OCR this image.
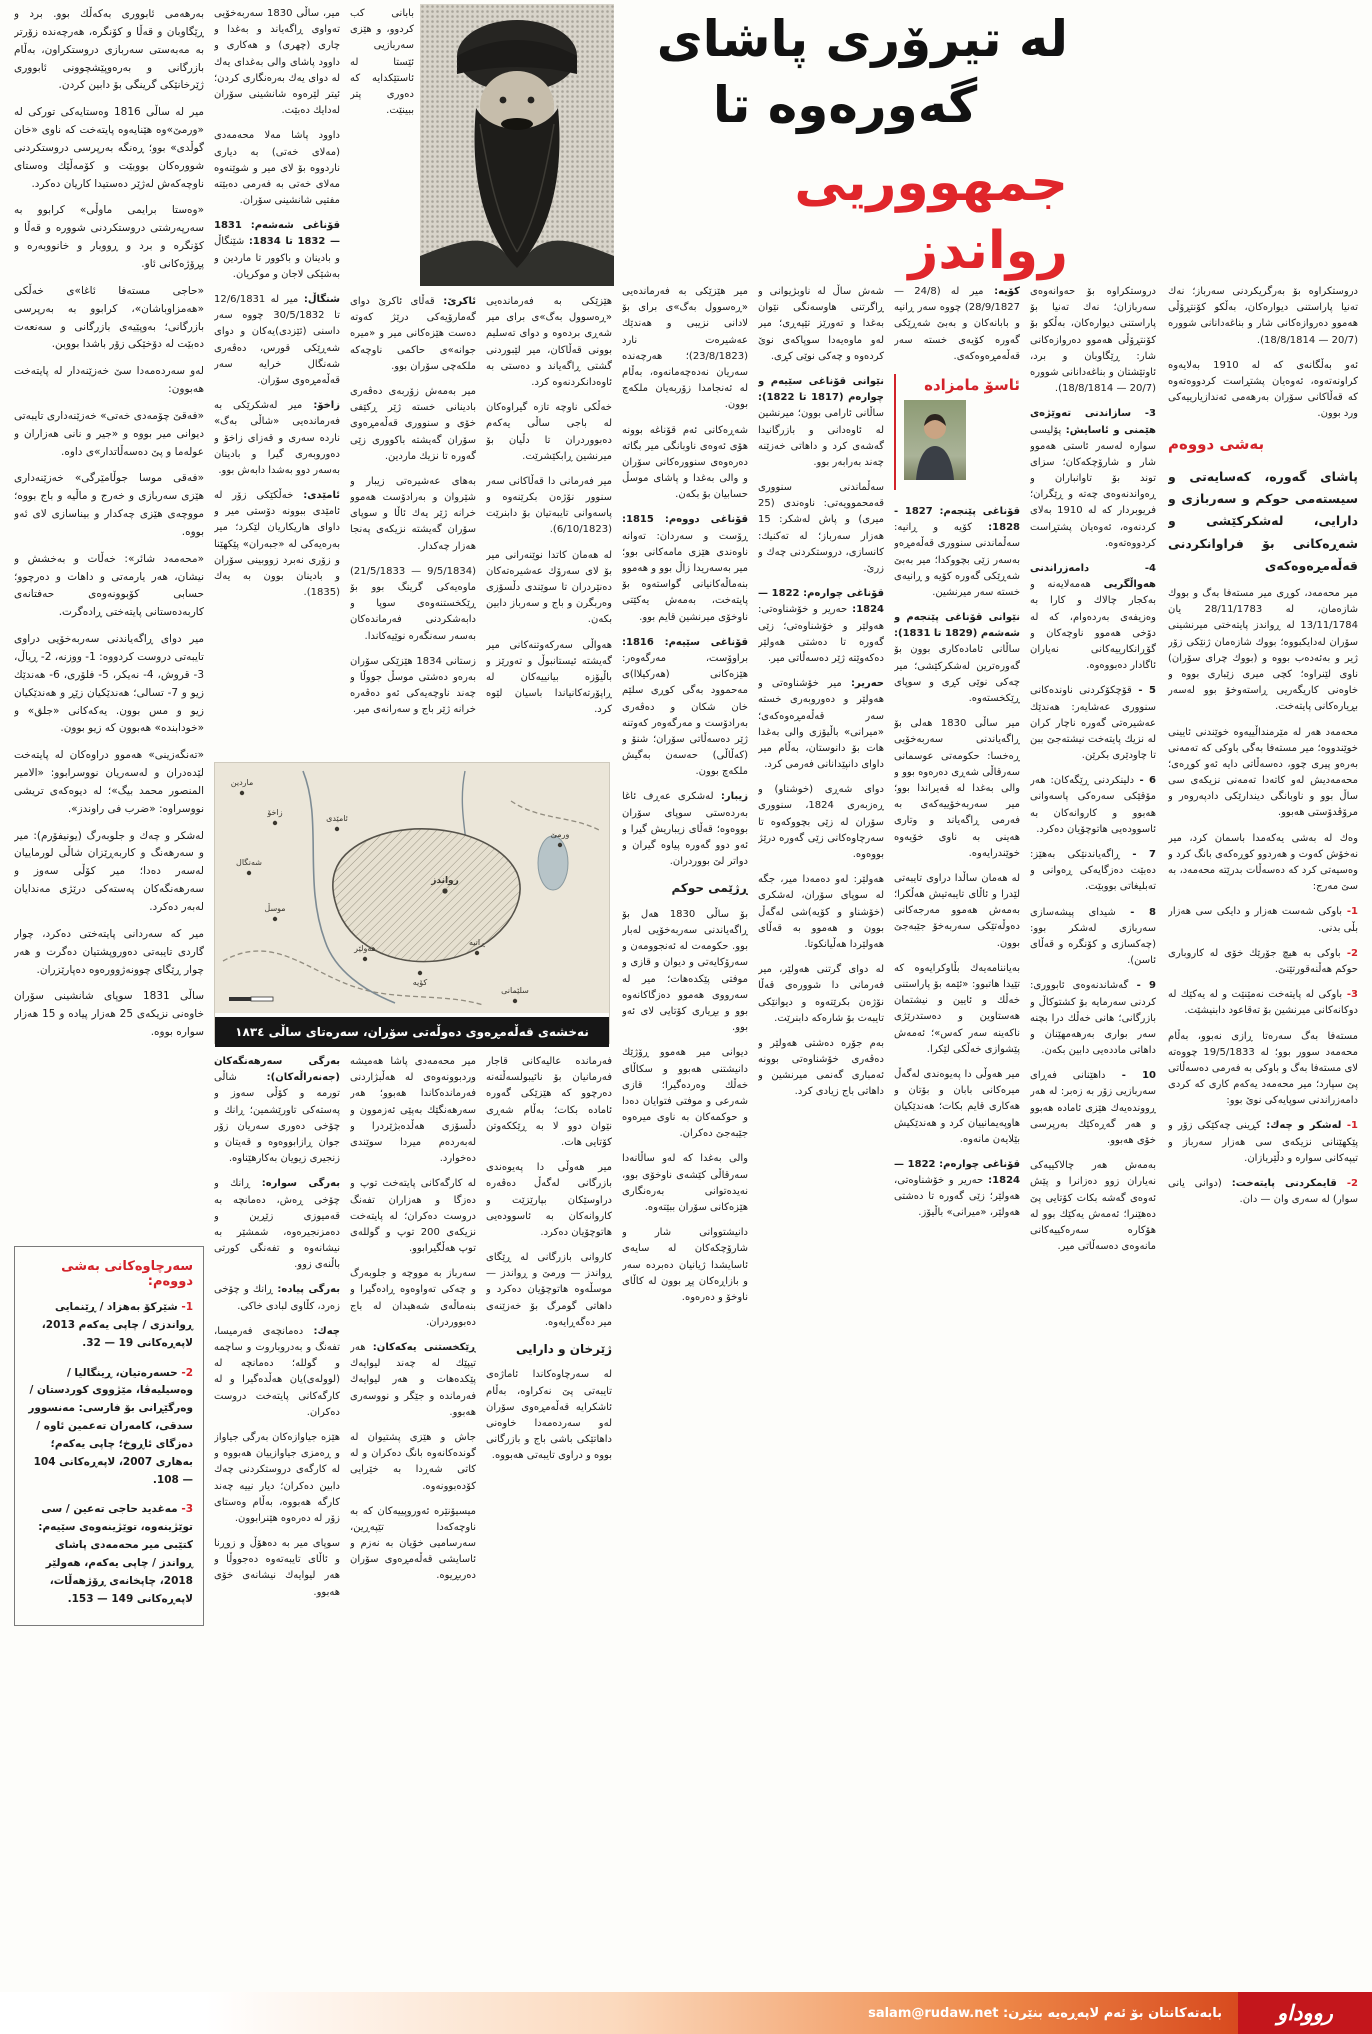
له تیرۆری پاشای
گه‌وره‌وه تا
جمهووریی رواندز

به‌رهه‌می ئابووری به‌كه‌ڵك بوو. برد و ڕێگاوبان و قه‌ڵا و كۆنگره، هه‌رچه‌نده زۆرتر به مه‌به‌ستی سه‌ربازی دروستكراون، به‌ڵام بازرگانی و به‌ره‌وپێشچوونی ئابووری ژێرخانێكی گرینگی بۆ دابین كردن.

میر له ساڵی 1816 وه‌ستایه‌كی توركی له «ورمێ»وه هێنایه‌وه پایته‌خت كه ناوی «خان گوڵدی» بوو؛ ڕه‌نگه به‌رپرسی دروستكردنی شووره‌كان بووبێت و كۆمه‌ڵێك وه‌ستای ناوچه‌كه‌ش له‌ژێر ده‌ستیدا كاریان ده‌كرد.

«وه‌ستا برایمی ماوڵی» كرابوو به سه‌رپه‌رشتی دروستكردنی شووره و قه‌ڵا و كۆنگره و برد و ڕووبار و خانووبه‌ره و پڕۆژه‌كانی ئاو.

«حاجی مسته‌فا ئاغا»ی خه‌ڵكی «هه‌مزاوباشان»، كرابوو به به‌رپرسی بازرگانی؛ به‌وپێیه‌ی بازرگانی و سه‌نعه‌ت ده‌بێت له دۆخێكی زۆر باشدا بووبن.

له‌و سه‌رده‌مه‌دا سێ خه‌زێنه‌دار له پایته‌خت هه‌بوون:

«فه‌قێ چۆمه‌دی خه‌تی» خه‌زێنه‌داری تایبه‌تی دیوانی میر بووه و «جیر و نانی هه‌زاران و عوله‌ما و پێ ده‌سه‌ڵاتدار»ی داوه.

«فه‌قی موسا جوڵامێرگی» خه‌زێنه‌داری هێزی سه‌ربازی و خه‌رج و ماڵیه و باج بووه؛ مووچه‌ی هێزی چه‌كدار و بیناسازی لای ئه‌و بووه.

«محه‌مه‌د شائر»: خه‌ڵات و به‌خشش و نیشان، هه‌ر یارمه‌تی و داهات و ده‌رچوو؛ حسابی كۆبوونه‌وه‌ی حه‌فتانه‌ی كاربه‌ده‌ستانی پایته‌ختی ڕاده‌گرت.

میر دوای ڕاگه‌یاندنی سه‌ربه‌خۆیی دراوی تایبه‌تی دروست كردووه: 1- ووزنه، 2- ڕیاڵ، 3- قروش، 4- نه‌یكر، 5- فلۆری، 6- هه‌ندێك زیو و 7- تسالی؛ هه‌ندێكیان زێڕ و هه‌ندێكیان زیو و مس بوون. یه‌كه‌كانی «جلق» و «خودابنده» هه‌بوون كه زیو بوون.

«ته‌نگه‌زینی» هه‌موو دراوه‌كان له پایته‌خت لێده‌دران و له‌سه‌ریان نووسرابوو: «الامیر المنصور محمد بیگ»؛ له دیوه‌كه‌ی تریشی نووسراوه: «ضرب فی راوندز».

له‌شكر و چه‌ك و جلوبه‌رگ (یونیفۆرم): میر و سه‌رهه‌نگ و كاربه‌ڕێزان شاڵی لورماییان له‌سه‌ر ده‌دا؛ میر كۆڵی سه‌وز و سه‌رهه‌نگه‌كان په‌سته‌كی درێژی مه‌ندایان له‌به‌ر ده‌كرد.

میر كه سه‌ردانی پایته‌ختی ده‌كرد، چوار گاردی تایبه‌تی ده‌وروپشتیان ده‌گرت و هه‌ر چوار ڕێگای چوونه‌ژووره‌وه ده‌پارێزران.

ساڵی 1831 سوپای شانشینی سۆران خاوه‌نی نزیكه‌ی 25 هه‌زار پیاده و 15 هه‌زار سواره بووه.

میر، ساڵی 1830 سه‌ربه‌خۆیی ته‌واوی ڕاگه‌یاند و به‌غدا و چاری (چهری) و هه‌كاری و داوود پاشای والی به‌غدای یه‌ك له دوای یه‌ك به‌ره‌نگاری كردن؛ ئیتر لێره‌وه شانشینی سۆران له‌دایك ده‌بێت.

داوود پاشا مه‌لا محه‌مه‌دی (مه‌لای خه‌تی) به دیاری ناردووه بۆ لای میر و شوێنه‌وه مه‌لای خه‌تی به فه‌رمی ده‌بێته مفتیی شانشینی سۆران.

قۆناغی شه‌شه‌م: 1831 — 1832 تا 1834: شێنگاڵ و بادینان و باكوور تا ماردین و به‌شێكی لاجان و موكریان.

شنگاڵ: میر له 12/6/1831 تا 30/5/1832 چووه سه‌ر داسنی (ئێزدی)یه‌كان و دوای شه‌ڕێكی قورس، ده‌ڤه‌ری شه‌نگال خرایه سه‌ر قه‌ڵه‌مڕه‌وی سۆران.

زاخۆ: میر له‌شكرێكی به فه‌رمانده‌یی «شاڵی به‌گ» نارده سه‌ری و قه‌زای زاخۆ و ده‌وروبه‌ری گیرا و بادینان به‌سه‌ر دوو به‌شدا دابه‌ش بوو.

ئامێدی: خه‌ڵكێكی زۆر له ئامێدی ببوونه دۆستی میر و داوای هاریكاریان لێكرد؛ میر به‌ره‌یه‌كی له «جبه‌ران» پێكهێنا و زۆری نه‌برد زووبینی سۆران و بادینان بوون به یه‌ك (1835).

بابانی كب كردوو، و هێزی سه‌ربازیی ئێستا له ئاستێكدایه كه ده‌وری پتر ببینێت.

ئاكرێ: قه‌ڵای ئاكرێ دوای گه‌مارۆیه‌كی درێژ كه‌وته ده‌ست هێزه‌كانی میر و «میره جوانه»ی حاكمی ناوچه‌كه ملكه‌چی سۆران بوو.

میر به‌مه‌ش زۆربه‌ی ده‌ڤه‌ری بادینانی خسته ژێر ڕكێفی خۆی و سنووری قه‌ڵه‌مڕه‌وی سۆران گه‌یشته باكووری زێی گه‌وره تا نزیك ماردین.

به‌های عه‌شیره‌تی زیبار و شێروان و به‌رادۆست هه‌موو خرانه ژێر یه‌ك ئاڵا و سوپای سۆران گه‌یشته نزیكه‌ی په‌نجا هه‌زار چه‌كدار.

(9/5/1834 — 21/5/1833) ماوه‌یه‌كی گرینگ بوو بۆ ڕێكخستنه‌وه‌ی سوپا و دابه‌شكردنی فه‌رمانده‌كان به‌سه‌ر سه‌نگه‌ره نوێیه‌كاندا.

زستانی 1834 هێزێكی سۆران به‌ره‌و ده‌شتی موسڵ جووڵا و چه‌ند ناوچه‌یه‌كی ئه‌و ده‌ڤه‌ره خرانه ژێر باج و سه‌رانه‌ی میر.

هێزێكی به فه‌رمانده‌یی «ڕه‌سوول به‌گ»ی برای میر شه‌ڕی برده‌وه و دوای ته‌سلیم بوونی قه‌ڵاكان، میر لێبوردنی گشتی ڕاگه‌یاند و ده‌ستی به ئاوه‌دانكردنه‌وه كرد.

خه‌ڵكی ناوچه تازه گیراوه‌كان له باجی ساڵی یه‌كه‌م ده‌بووردران تا دڵیان بۆ میرنشین ڕابكێشرێت.

میر فه‌رمانی دا قه‌ڵاكانی سه‌ر سنوور نۆژه‌ن بكرێنه‌وه و پاسه‌وانی تایبه‌تیان بۆ دابنرێت (6/10/1823).

له هه‌مان كاتدا نوێنه‌رانی میر بۆ لای سه‌رۆك عه‌شیره‌ته‌كان ده‌نێردران تا سوێندی دڵسۆزی وه‌ربگرن و باج و سه‌رباز دابین بكه‌ن.

هه‌واڵی سه‌ركه‌وتنه‌كانی میر گه‌یشته ئیستانبوڵ و ته‌ورێز و باڵیۆزه بیانییه‌كان له ڕاپۆرته‌كانیاندا باسیان لێوه كرد.

به‌رگی سه‌رهه‌نگه‌كان (جه‌نه‌راڵه‌كان): شاڵی تورمه و كۆڵی سه‌وز و په‌سته‌كی تاورێشمین؛ ڕانك و چۆخی ده‌وری سه‌ریان زۆر جوان ڕازابووه‌وه و قه‌یتان و زنجیری زیویان به‌كارهێناوه.

به‌رگی سواره: ڕانك و چۆخی ڕه‌ش، ده‌مانچه به قه‌میوزی زێڕین و ده‌مزنجیره‌وه، شمشێر به نیشانه‌وه و تفه‌نگی كورتی باڵنه‌ی زوو.

به‌رگی پیاده: ڕانك و چۆخی زه‌رد، كڵاوی لبادی خاكی.

چه‌ك: ده‌مانچه‌ی فه‌رمیسا، تفه‌نگ و به‌دروباروت و ساچمه و گولله؛ ده‌مانچه له (لوولەی)یان هه‌ڵده‌گیرا و له كارگه‌كانی پایته‌خت دروست ده‌كران.

هێزه جیاوازه‌كان به‌رگی جیاواز و ڕه‌مزی جیاوازییان هه‌بووه و له كارگه‌ی دروستكردنی چه‌ك دابین ده‌كران؛ دیار نییه چه‌ند كارگه هه‌بووه، به‌ڵام وه‌ستای زۆر له ده‌ره‌وه هێنرابوون.

سوپای میر به ده‌هۆڵ و زوڕنا و ئاڵای تایبه‌ته‌وه ده‌جووڵا و هه‌ر لیوایه‌ك نیشانه‌ی خۆی هه‌بوو.

میر محه‌مه‌دی پاشا هه‌میشه وردبوونه‌وه‌ی له هه‌ڵبژاردنی فه‌رمانده‌كاندا هه‌بوو؛ هه‌ر سه‌رهه‌نگێك به‌پێی ئه‌زموون و دڵسۆزی هه‌ڵده‌بژێردرا و له‌به‌رده‌م میردا سوێندی ده‌خوارد.

له كارگه‌كانی پایته‌خت توپ و ده‌زگا و هه‌زاران تفه‌نگ دروست ده‌كران؛ له پایته‌خت نزیكه‌ی 200 توپ و گولله‌ی توپ هه‌ڵگیرابوو.

سه‌رباز به مووچه و جلوبه‌رگ و چه‌كی ته‌واوه‌وه ڕاده‌گیرا و بنه‌ماڵه‌ی شه‌هیدان له باج ده‌بووردران.

ڕێكخستنی یه‌كه‌كان: هه‌ر تیپێك له چه‌ند لیوایه‌ك پێكدەهات و هه‌ر لیوایه‌ك فه‌رمانده و جێگر و نووسه‌ری هه‌بوو.

جاش و هێزی پشتیوان له گونده‌كانه‌وه بانگ ده‌كران و له كاتی شه‌ڕدا به خێرایی كۆده‌بوونه‌وه.

میسیۆنێره ئه‌وروپییه‌كان كه به ناوچه‌كه‌دا تێپه‌ڕین، سه‌رسامیی خۆیان به نه‌زم و ئاسایشی قه‌ڵه‌مڕه‌وی سۆران ده‌ربڕیوه.

فه‌رمانده عالیه‌كانی قاجار فه‌رمانیان بۆ نائیبولسه‌ڵته‌نه ده‌رچوو كه هێزێكی گه‌وره ئاماده بكات؛ به‌ڵام شه‌ڕی نێوان دوو لا به ڕێككه‌وتن كۆتایی هات.

میر هه‌وڵی دا په‌یوه‌ندی بازرگانی له‌گه‌ڵ ده‌ڤه‌ره دراوسێكان بپارێزێت و كاروانه‌كان به ئاسووده‌یی هاتوچۆیان ده‌كرد.

كاروانی بازرگانی له ڕێگای ڕواندز — ورمێ و ڕواندز — موسڵه‌وه هاتوچۆیان ده‌كرد و داهاتی گومرگ بۆ خه‌زێنه‌ی میر ده‌گه‌ڕایه‌وه.

ژێرخان و دارایی

له سه‌رچاوه‌كاندا ئاماژه‌ی تایبه‌تی پێ نه‌كراوه، به‌ڵام ئاشكرایه قه‌ڵه‌مڕه‌وی سۆران له‌و سه‌رده‌مه‌دا خاوه‌نی داهاتێكی باشی باج و بازرگانی بووه و دراوی تایبه‌تی هه‌بووه.

میر هێزێكی به فه‌رمانده‌یی «ڕه‌سوول به‌گ»ی برای بۆ لادانی نزیبی و هه‌ندێك عه‌شیره‌ت نارد (23/8/1823)؛ هه‌رچه‌نده سه‌ریان نه‌ده‌چه‌مانه‌وه، به‌ڵام له ئه‌نجامدا زۆربه‌یان ملكه‌چ بوون.

شه‌ڕه‌كانی ئه‌م قۆناغه بوونه هۆی ئه‌وه‌ی ناوبانگی میر بگاته ده‌ره‌وه‌ی سنووره‌كانی سۆران و والی به‌غدا و پاشای موسڵ حسابیان بۆ بكه‌ن.

قۆناغی دووه‌م: 1815: ڕۆست و سه‌ردان: ته‌وانه ناوه‌ندی هێزی مامه‌كانی بوو؛ میر به‌سه‌ریدا زاڵ بوو و هه‌موو بنه‌ماڵه‌كانیانی گواسته‌وه بۆ پایته‌خت، به‌مه‌ش یه‌كێتی ناوخۆی میرنشین قایم بوو.

قۆناغی سێیه‌م: 1816: براوۆست، مه‌رگه‌وه‌ر: هێزه‌كانی (هه‌ركیلاا)ی مه‌حموود به‌گی كوڕی سلێم خان شكان و ده‌ڤه‌ری به‌رادۆست و مه‌رگه‌وه‌ر كه‌وتنه ژێر ده‌سه‌ڵاتی سۆران؛ شنۆ و (كه‌ڵاڵی) حه‌سه‌ن به‌گیش ملكه‌چ بوون.

زیبار: له‌شكری عه‌ڕف ئاغا به‌رده‌ستی سوپای سۆران بووه‌وه؛ قه‌ڵای زیباریش گیرا و ئه‌و دوو گه‌وره پیاوه گیران و دواتر لێ بووردران.

ڕژێمی حوكم

بۆ ساڵی 1830 هه‌ل بۆ ڕاگه‌یاندنی سه‌ربه‌خۆیی له‌بار بوو. حكومه‌ت له ئه‌نجوومه‌ن و سه‌رۆكایه‌تی و دیوان و قازی و موفتی پێكدەهات؛ میر له سه‌رووی هه‌موو ده‌زگاكانه‌وه بوو و بڕیاری كۆتایی لای ئه‌و بوو.

دیوانی میر هه‌موو ڕۆژێك دانیشتنی هه‌بوو و سكاڵای خه‌ڵك وه‌رده‌گیرا؛ قازی شه‌رعی و موفتی فتوایان ده‌دا و حوكمه‌كان به ناوی میره‌وه جێبه‌جێ ده‌كران.

والی به‌غدا كه له‌و ساڵانه‌دا سه‌رقاڵی كێشه‌ی ناوخۆی بوو، نه‌یده‌توانی به‌ره‌نگاری هێزه‌كانی سۆران ببێته‌وه.

دانیشتووانی شار و شارۆچكه‌كان له سایه‌ی ئاسایشدا ژیانیان ده‌برده سه‌ر و بازاڕه‌كان پڕ بوون له كاڵای ناوخۆ و ده‌ره‌وه.

شه‌ش ساڵ له ناوبژیوانی و ڕاگرتنی هاوسه‌نگی نێوان به‌غدا و ته‌ورێز تێپه‌ڕی؛ میر له‌و ماوه‌یه‌دا سوپاكه‌ی نوێ كرده‌وه و چه‌كی نوێی كڕی.

نێوانی قۆناغی سێیه‌م و چواره‌م (1817 تا 1822): ساڵانی ئارامی بوون؛ میرنشین له ئاوه‌دانی و بازرگانیدا گه‌شه‌ی كرد و داهاتی خه‌زێنه چه‌ند به‌رابه‌ر بوو.

سه‌ڵماندنی سنووری قه‌محموویه‌تی: ناوه‌ندی (25 میری) و پاش له‌شكر: 15 هه‌زار سه‌رباز؛ له ته‌كنیك: كانسازی، دروستكردنی چه‌ك و زرێ.

قۆناغی چواره‌م: 1822 — 1824: حه‌ریر و خۆشناوه‌تی: هه‌ولێر و خۆشناوه‌تی؛ زێی گه‌وره تا ده‌شتی هه‌ولێر ده‌كه‌وێته ژێر ده‌سه‌ڵاتی میر.

حه‌ریر: میر خۆشناوه‌تی و هه‌ولێر و ده‌وروبه‌ری خسته سه‌ر قه‌ڵه‌مڕه‌وه‌كه‌ی؛ «میرانی» باڵیۆزی والی به‌غدا هات بۆ دانوستان، به‌ڵام میر داوای دانپێدانانی فه‌رمی كرد.

دوای شه‌ڕی (خوشناو) و ڕه‌زبه‌ری 1824، سنووری سۆران له زێی بچووكه‌وه تا سه‌رچاوه‌كانی زێی گه‌وره درێژ بووه‌وه.

هه‌ولێر: له‌و ده‌مه‌دا میر، جگه له سوپای سۆران، له‌شكری (خۆشناو و كۆیه)شی له‌گه‌ڵ بوون و هه‌موو به قه‌ڵای هه‌ولێردا هه‌ڵیانكوتا.

له دوای گرتنی هه‌ولێر، میر فه‌رمانی دا شووره‌ی قه‌ڵا نۆژه‌ن بكرێته‌وه و دیوانێكی تایبه‌ت بۆ شاره‌كه دابنرێت.

به‌م جۆره ده‌شتی هه‌ولێر و ده‌ڤه‌ری خۆشناوه‌تی بوونه ئه‌مباری گه‌نمی میرنشین و داهاتی باج زیادی كرد.

كۆیه: میر له (24/8 — 28/9/1827) چووه سه‌ر ڕانیه و بابانه‌كان و به‌بێ شه‌ڕێكی گه‌وره كۆیه‌ی خسته سه‌ر قه‌ڵه‌مڕه‌وه‌كه‌ی.

ئاسۆ مامزاده

قۆناغی پێنجه‌م: 1827 - 1828: كۆیه و ڕانیه: سه‌ڵماندنی سنووری قه‌ڵه‌مڕه‌و به‌سه‌ر زێی بچووكدا؛ میر به‌بێ شه‌ڕێكی گه‌وره كۆیه و ڕانیه‌ی خسته سه‌ر میرنشین.

نێوانی قۆناغی پێنجه‌م و شه‌شه‌م (1829 تا 1831): ساڵانی ئاماده‌كاری بوون بۆ گه‌وره‌ترین له‌شكركێشی؛ میر چه‌كی نوێی كڕی و سوپای ڕێكخسته‌وه.

میر ساڵی 1830 هه‌لی بۆ ڕاگه‌یاندنی سه‌ربه‌خۆیی ڕه‌خسا: حكومه‌تی عوسمانی سه‌رقاڵی شه‌ڕی ده‌ره‌وه بوو و والی به‌غدا له قه‌یراندا بوو؛ میر سه‌ربه‌خۆییه‌كه‌ی به فه‌رمی ڕاگه‌یاند و وتاری هه‌ینی به ناوی خۆیه‌وه خوێندرایه‌وه.

له هه‌مان ساڵدا دراوی تایبه‌تی لێدرا و ئاڵای تایبه‌تیش هه‌ڵكرا؛ به‌مه‌ش هه‌موو مه‌رجه‌كانی ده‌وڵه‌تێكی سه‌ربه‌خۆ جێبه‌جێ بوون.

به‌یاننامه‌یه‌ك بڵاوكرایه‌وه كه تێیدا هاتبوو: «ئێمه بۆ پاراستنی خه‌ڵك و ئایین و نیشتمان هه‌ستاوین و ده‌ستدرێژی ناكه‌ینه سه‌ر كه‌س»؛ ئه‌مه‌ش پێشوازی خه‌ڵكی لێكرا.

میر هه‌وڵی دا په‌یوه‌ندی له‌گه‌ڵ میره‌كانی بابان و بۆتان و هه‌كاری قایم بكات؛ هه‌ندێكیان هاوپه‌یمانییان كرد و هه‌ندێكیش بێلایه‌ن مانه‌وه.

قۆناغی چواره‌م: 1822 — 1824: حه‌ریر و خۆشناوه‌تی، هه‌ولێر؛ زێی گه‌وره تا ده‌شتی هه‌ولێر، «میرانی» باڵیۆز.

دروستكراوه بۆ حه‌وانه‌وه‌ی سه‌ربازان؛ نه‌ك ته‌نیا بۆ پاراستنی دیواره‌كان، به‌ڵكو بۆ كۆنتڕۆڵی هه‌موو ده‌روازه‌كانی شار: ڕێگاوبان و برد، ئاوتێشتان و بناغه‌دانانی شووره (20/7 — 18/8/1814).

3- سازاندنی ته‌وێژه‌ی هێمنی و ئاسایش: پۆلیسی سواره له‌سه‌ر ئاستی هه‌موو شار و شارۆچكه‌كان؛ سزای توند بۆ تاوانباران و ڕه‌واندنه‌وه‌ی چه‌ته و ڕێگران؛ فریوبردار كه له 1910 به‌لای كردنه‌وه، ئه‌وه‌یان پشتڕاست كردووه‌ته‌وه.

4- دامه‌زراندنی هه‌واڵگریی هه‌مه‌لایه‌نه و به‌كجار چالاك و كارا به وه‌زیفه‌ی به‌رده‌وام، كه له دۆخی هه‌موو ناوچه‌كان و گۆڕانكارییه‌كانی نه‌یاران ئاگادار ده‌بووه‌وه.

5 - قۆچكۆكردنی ناونده‌كانی سنووری عه‌شایه‌ر: هه‌ندێك عه‌شیره‌تی گه‌وره ناچار كران له نزیك پایته‌خت نیشته‌جێ ببن تا چاودێری بكرێن.

6 - دلینكردنی ڕێگه‌كان: هه‌ر مۆقێكی سه‌ره‌كی پاسه‌وانی هه‌بوو و كاروانه‌كان به ئاسووده‌یی هاتوچۆیان ده‌كرد.

7 - ڕاگه‌یاندنێكی به‌هێز: ده‌بێت ده‌زگایه‌كی ڕه‌وانی و ته‌بلیغاتی بووبێت.

8 - شیدای پیشه‌سازی سه‌ربازی له‌شكر بوو: (چه‌كسازی و كۆنگره و قه‌ڵای ئاسن).

9 - گه‌شاندنه‌وه‌ی ئابووری: كردنی سه‌رمایه بۆ كشتوكاڵ و بازرگانی؛ هانی خه‌ڵك درا بچنه سه‌ر بواری به‌رهه‌مهێنان و داهاتی مادده‌یی دابین بكه‌ن.

10 - داهێنانی فه‌ڕای سه‌ربازیی زۆر به زه‌بر: له هه‌ر ڕوونده‌یه‌ك هێزی ئاماده هه‌بوو و هه‌ر گه‌ڕه‌كێك به‌رپرسی خۆی هه‌بوو.

به‌مه‌ش هه‌ر چالاكییه‌كی نه‌یاران زوو ده‌زانرا و پێش ئه‌وه‌ی گه‌شه بكات كۆتایی پێ ده‌هێنرا؛ ئه‌مه‌ش یه‌كێك بوو له هۆكاره سه‌ره‌كییه‌كانی مانه‌وه‌ی ده‌سه‌ڵاتی میر.

دروستكراوه بۆ به‌رگریكردنی سه‌رباز؛ نه‌ك ته‌نیا پاراستنی دیواره‌كان، به‌ڵكو كۆنتڕۆڵی هه‌موو ده‌روازه‌كانی شار و بناغه‌دانانی شووره (20/7 — 18/8/1814).

ئه‌و به‌ڵگانه‌ی كه له 1910 به‌لایه‌وه كراونه‌ته‌وه، ئه‌وه‌یان پشتڕاست كردووه‌ته‌وه كه قه‌ڵاكانی سۆران به‌رهه‌می ئه‌ندازیارییه‌كی ورد بوون.

به‌شی دووه‌م

پاشای گه‌وره، كه‌سایه‌تی و سیسته‌می حوكم و سه‌ربازی و دارایی، له‌شكركێشی و شه‌ڕه‌كانی بۆ فراوانكردنی قه‌ڵه‌مڕه‌وه‌كه‌ی

میر محه‌مه‌د، كوڕی میر مسته‌فا به‌گ و بووك شازه‌مان، له 28/11/1783 یان 13/11/1784 له ڕواندز پایته‌ختی میرنشینی سۆران له‌دایكبووه؛ بووك شازه‌مان ژنێكی زۆر ژیر و به‌ئه‌ده‌ب بووه و (بووك چرای سۆران) ناوی لێنراوه؛ كچی میری زێباری بووه و خاوه‌نی كاریگه‌ریی ڕاسته‌وخۆ بوو له‌سه‌ر بڕیاره‌كانی پایته‌خت.

محه‌مه‌د هه‌ر له مێرمنداڵییه‌وه خوێندنی ئایینی خوێندووه؛ میر مسته‌فا به‌گی باوكی كه ته‌مه‌نی به‌ره‌و پیری چوو، ده‌سه‌ڵاتی دایه ئه‌و كوڕه‌ی؛ محه‌مه‌دیش له‌و كاته‌دا ته‌مه‌نی نزیكه‌ی سی ساڵ بوو و ناوبانگی دیندارێكی دادپه‌روه‌ر و مرۆڤدۆستی هه‌بوو.

وه‌ك له به‌شی یه‌كه‌مدا باسمان كرد، میر نه‌خۆش كه‌وت و هه‌ردوو كوڕه‌كه‌ی بانگ كرد و وه‌سیه‌تی كرد كه ده‌سه‌ڵات بدرێته محه‌مه‌د، به سێ مه‌رج:

1- باوكی شه‌ست هه‌زار و دایكی سی هه‌زار بڵی بدنی.

2- باوكی به هیچ جۆرێك خۆی له كاروباری حوكم هه‌ڵنه‌قورتێنێ.

3- باوكی له پایته‌خت نه‌مێنێت و له یه‌كێك له دوكانه‌كانی میرنشین بۆ ته‌قاعود دابنیشێت.

مسته‌فا به‌گ سه‌ره‌تا ڕازی نه‌بوو، به‌ڵام محه‌مه‌د سوور بوو؛ له 19/5/1833 چووه‌ته لای مسته‌فا به‌گ و باوكی به فه‌رمی ده‌سه‌ڵاتی پێ سپارد؛ میر محه‌مه‌د یه‌كه‌م كاری كه كردی دامه‌زراندنی سوپایه‌كی نوێ بوو:

1- له‌شكر و چه‌ك: كڕینی چه‌كێكی زۆر و پێكهێنانی نزیكه‌ی سی هه‌زار سه‌رباز و تیپه‌كانی سواره و دڵێربازان.

2- قایمكردنی پایته‌خت: (دوانی یانی سوار) له سه‌ری وان — دان.

رواندز
هه‌ولێر
كۆیه
ڕانیه
موسڵ
ئامێدی
زاخۆ
ورمێ
سلێمانی
ماردین
شه‌نگال
نه‌خشه‌ی قه‌ڵه‌مڕه‌وی ده‌وڵه‌تی سۆران، سه‌ره‌تای ساڵی ١٨٣٤
سه‌رچاوه‌كانی به‌شی دووه‌م:

1- شێركۆ به‌هزاد / ڕێنمایی ڕواندزی / چاپی یه‌كه‌م 2013، لاپه‌ڕه‌كانی 19 — 32.

2- حسه‌ره‌تیان، ڕینگالیا / وه‌سیلیه‌ڤا، مێژووی كوردستان / وه‌رگێڕانی بۆ فارسی: مه‌نسوور سدقی، كامه‌ران ته‌عمین ئاوه / ده‌زگای ئاڕوخ؛ چاپی یه‌كه‌م؛ به‌هاری 2007، لاپه‌ڕه‌كانی 104 — 108.

3- مه‌غدید حاجی ته‌عین / سی توێژینه‌وه، توێژینه‌وه‌ی سێیه‌م: كتێبی میر محه‌مه‌دی پاشای ڕواندز / چاپی یه‌كه‌م، هه‌ولێر 2018، چاپخانه‌ی ڕۆژهه‌ڵات، لاپه‌ڕه‌كانی 149 — 153.

رووداو
بابه‌ته‌كانتان بۆ ئه‌م لاپه‌ڕه‌یه بنێرن: salam@rudaw.net
